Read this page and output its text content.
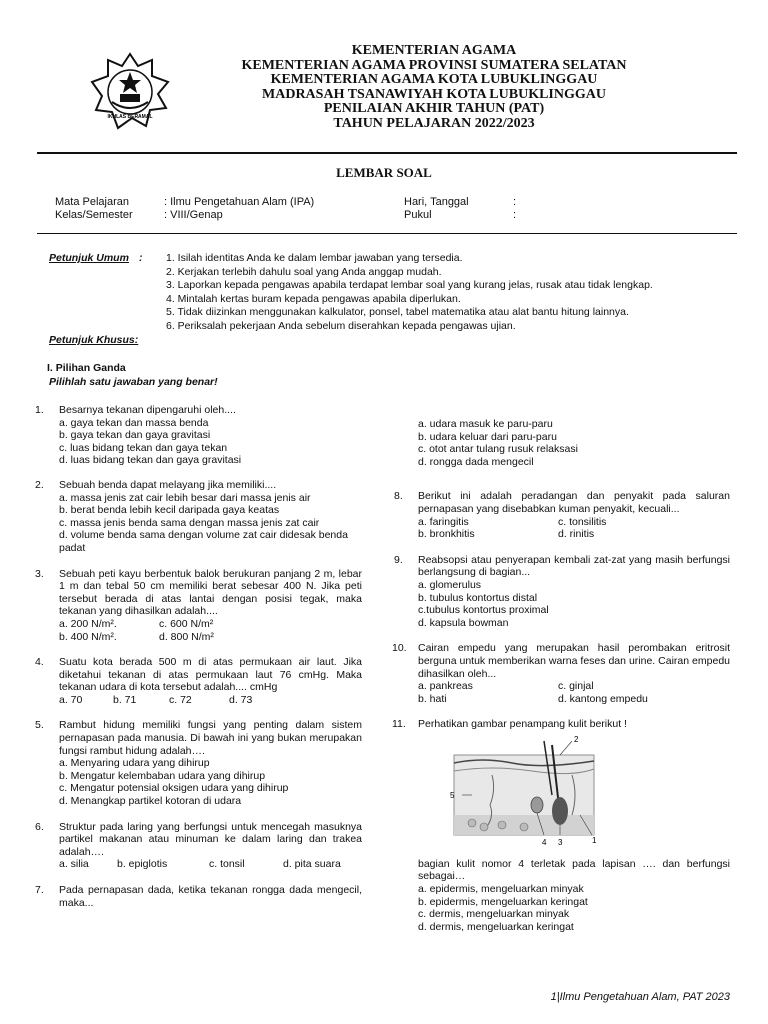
IKHLAS BERAMAL
KEMENTERIAN AGAMA
KEMENTERIAN AGAMA PROVINSI SUMATERA SELATAN
KEMENTERIAN AGAMA KOTA LUBUKLINGGAU
MADRASAH TSANAWIYAH KOTA LUBUKLINGGAU
PENILAIAN AKHIR TAHUN (PAT)
TAHUN PELAJARAN 2022/2023
LEMBAR SOAL
Mata Pelajaran	: Ilmu Pengetahuan Alam (IPA)
Kelas/Semester	: VIII/Genap
Hari, Tanggal	:
Pukul	:
Petunjuk Umum : 1. Isilah identitas Anda ke dalam lembar jawaban yang tersedia.
2. Kerjakan terlebih dahulu soal yang Anda anggap mudah.
3. Laporkan kepada pengawas apabila terdapat lembar soal yang kurang jelas, rusak atau tidak lengkap.
4. Mintalah kertas buram kepada pengawas apabila diperlukan.
5. Tidak diizinkan menggunakan kalkulator, ponsel, tabel matematika atau alat bantu hitung lainnya.
6. Periksalah pekerjaan Anda sebelum diserahkan kepada pengawas ujian.
Petunjuk Khusus:
I. Pilihan Ganda
Pilihlah satu jawaban yang benar!
1. Besarnya tekanan dipengaruhi oleh....
a. gaya tekan dan massa benda
b. gaya tekan dan gaya gravitasi
c. luas bidang tekan dan gaya tekan
d. luas bidang tekan dan gaya gravitasi
2. Sebuah benda dapat melayang jika memiliki....
a. massa jenis zat cair lebih besar dari massa jenis air
b. berat benda lebih kecil daripada gaya keatas
c. massa jenis benda sama dengan massa jenis zat cair
d. volume benda sama dengan volume zat cair didesak benda padat
3. Sebuah peti kayu berbentuk balok berukuran panjang 2 m, lebar 1 m dan tebal 50 cm memiliki berat sebesar 400 N. Jika peti tersebut berada di atas lantai dengan posisi tegak, maka tekanan yang dihasilkan adalah....
a. 200 N/m².	c. 600 N/m²
b. 400 N/m².	d. 800 N/m²
4. Suatu kota berada 500 m di atas permukaan air laut. Jika diketahui tekanan di atas permukaan laut 76 cmHg. Maka tekanan udara di kota tersebut adalah.... cmHg
a. 70	b. 71	c. 72	d. 73
5. Rambut hidung memiliki fungsi yang penting dalam sistem pernapasan pada manusia. Di bawah ini yang bukan merupakan fungsi rambut hidung adalah….
a. Menyaring udara yang dihirup
b. Mengatur kelembaban udara yang dihirup
c. Mengatur potensial oksigen udara yang dihirup
d. Menangkap partikel kotoran di udara
6. Struktur pada laring yang berfungsi untuk mencegah masuknya partikel makanan atau minuman ke dalam laring dan trakea adalah….
a. silia	b. epiglotis	c. tonsil	d. pita suara
7. Pada pernapasan dada, ketika tekanan rongga dada mengecil, maka...
a. udara masuk ke paru-paru
b. udara keluar dari paru-paru
c. otot antar tulang rusuk relaksasi
d. rongga dada mengecil
8. Berikut ini adalah peradangan dan penyakit pada saluran pernapasan yang disebabkan kuman penyakit, kecuali...
a. faringitis	c. tonsilitis
b. bronkhitis	d. rinitis
9. Reabsopsi atau penyerapan kembali zat-zat yang masih berfungsi berlangsung di bagian...
a. glomerulus
b. tubulus kontortus distal
c.tubulus kontortus proximal
d. kapsula bowman
10. Cairan empedu yang merupakan hasil perombakan eritrosit berguna untuk memberikan warna feses dan urine. Cairan empedu dihasilkan oleh...
a. pankreas	c. ginjal
b. hati	d. kantong empedu
11. Perhatikan gambar penampang kulit berikut !
2
5
4 3	1
bagian kulit nomor 4 terletak pada lapisan …. dan berfungsi sebagai…
a. epidermis, mengeluarkan minyak
b. epidermis, mengeluarkan keringat
c. dermis, mengeluarkan minyak
d. dermis, mengeluarkan keringat
1|Ilmu Pengetahuan Alam, PAT 2023
